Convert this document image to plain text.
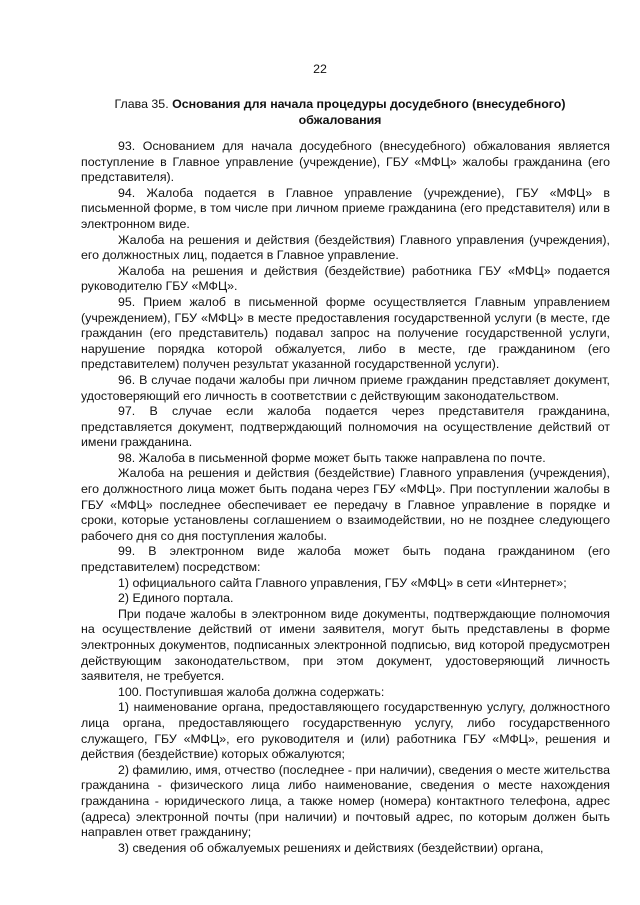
22
Глава 35. Основания для начала процедуры досудебного (внесудебного) обжалования

93. Основанием для начала досудебного (внесудебного) обжалования является поступление в Главное управление (учреждение), ГБУ «МФЦ» жалобы гражданина (его представителя).

94. Жалоба подается в Главное управление (учреждение), ГБУ «МФЦ» в письменной форме, в том числе при личном приеме гражданина (его представителя) или в электронном виде.

Жалоба на решения и действия (бездействия) Главного управления (учреждения), его должностных лиц, подается в Главное управление.

Жалоба на решения и действия (бездействие) работника ГБУ «МФЦ» подается руководителю ГБУ «МФЦ».

95. Прием жалоб в письменной форме осуществляется Главным управлением (учреждением), ГБУ «МФЦ» в месте предоставления государственной услуги (в месте, где гражданин (его представитель) подавал запрос на получение государственной услуги, нарушение порядка которой обжалуется, либо в месте, где гражданином (его представителем) получен результат указанной государственной услуги).

96. В случае подачи жалобы при личном приеме гражданин представляет документ, удостоверяющий его личность в соответствии с действующим законодательством.

97. В случае если жалоба подается через представителя гражданина, представляется документ, подтверждающий полномочия на осуществление действий от имени гражданина.

98. Жалоба в письменной форме может быть также направлена по почте.

Жалоба на решения и действия (бездействие) Главного управления (учреждения), его должностного лица может быть подана через ГБУ «МФЦ». При поступлении жалобы в ГБУ «МФЦ» последнее обеспечивает ее передачу в Главное управление в порядке и сроки, которые установлены соглашением о взаимодействии, но не позднее следующего рабочего дня со дня поступления жалобы.

99. В электронном виде жалоба может быть подана гражданином (его представителем) посредством:

1) официального сайта Главного управления, ГБУ «МФЦ» в сети «Интернет»;

2) Единого портала.

При подаче жалобы в электронном виде документы, подтверждающие полномочия на осуществление действий от имени заявителя, могут быть представлены в форме электронных документов, подписанных электронной подписью, вид которой предусмотрен действующим законодательством, при этом документ, удостоверяющий личность заявителя, не требуется.

100. Поступившая жалоба должна содержать:

1) наименование органа, предоставляющего государственную услугу, должностного лица органа, предоставляющего государственную услугу, либо государственного служащего, ГБУ «МФЦ», его руководителя и (или) работника ГБУ «МФЦ», решения и действия (бездействие) которых обжалуются;

2) фамилию, имя, отчество (последнее - при наличии), сведения о месте жительства гражданина - физического лица либо наименование, сведения о месте нахождения гражданина - юридического лица, а также номер (номера) контактного телефона, адрес (адреса) электронной почты (при наличии) и почтовый адрес, по которым должен быть направлен ответ гражданину;

3) сведения об обжалуемых решениях и действиях (бездействии) органа,
